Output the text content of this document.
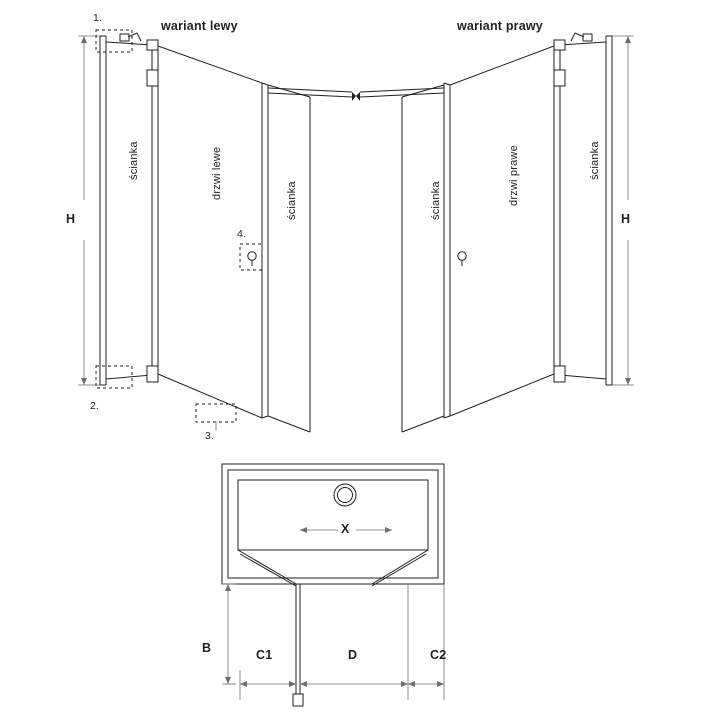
wariant lewy	wariant prawy
ścianka	drzwi lewe
ścianka	ścianka	drzwi prawe	ścianka
H	H
1.
2.
3.
4.
X
B	C1	D	C2
